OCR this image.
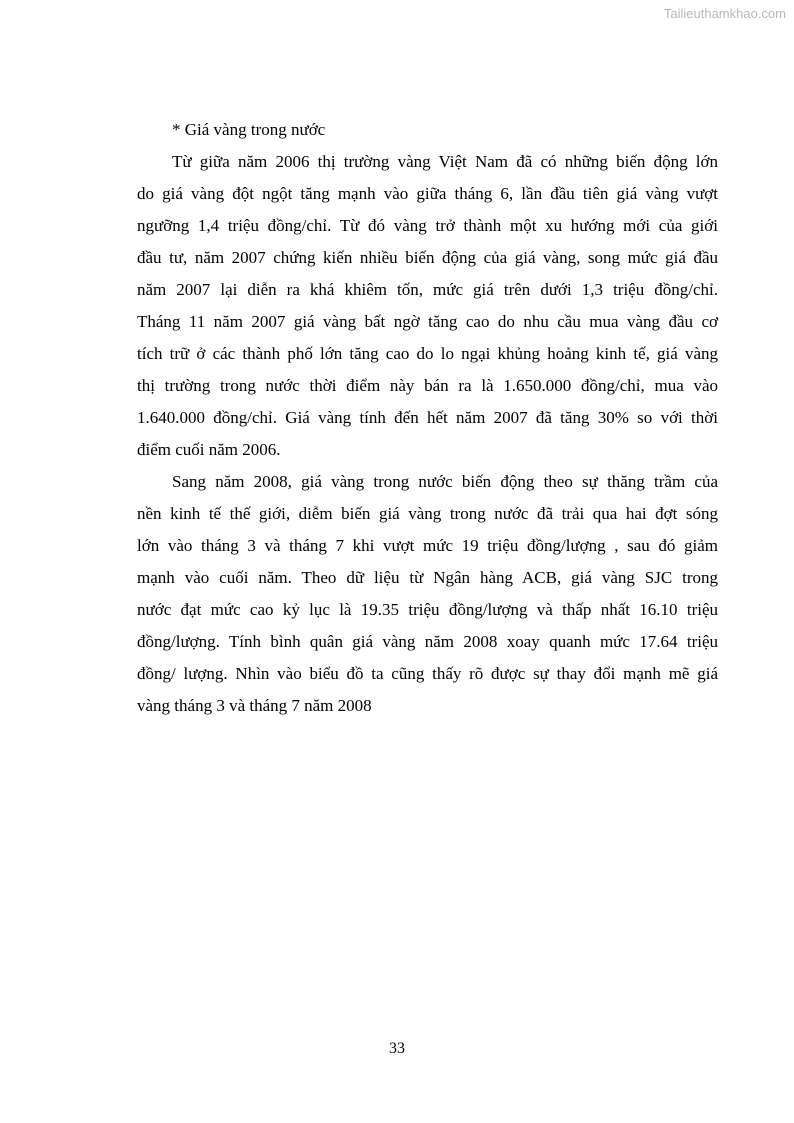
Tailieuthamkhao.com
* Giá vàng trong nước
Từ giữa năm 2006 thị trường vàng Việt Nam đã có những biến động lớn
do giá vàng đột ngột tăng mạnh vào giữa tháng 6, lần đầu tiên giá vàng vượt
ngưỡng 1,4 triệu đồng/chỉ. Từ đó vàng trở thành một xu hướng mới của giới
đầu tư, năm 2007 chứng kiến nhiều biến động của giá vàng, song mức giá đầu
năm 2007 lại diễn ra khá khiêm tốn, mức giá trên dưới 1,3 triệu đồng/chỉ.
Tháng 11 năm 2007 giá vàng bất ngờ tăng cao do nhu cầu mua vàng đầu cơ
tích trữ ở các thành phố lớn tăng cao do lo ngại khủng hoảng kinh tế, giá vàng
thị trường trong nước thời điểm này bán ra là 1.650.000 đồng/chỉ, mua vào
1.640.000 đồng/chỉ. Giá vàng tính đến hết năm 2007 đã tăng 30% so với thời
điểm cuối năm 2006.
Sang năm 2008, giá vàng trong nước biến động theo sự thăng trầm của
nền kinh tế thế giới, diễm biến giá vàng trong nước đã trải qua hai đợt sóng
lớn vào tháng 3 và tháng 7 khi vượt mức 19 triệu đồng/lượng , sau đó giảm
mạnh vào cuối năm. Theo dữ liệu từ Ngân hàng ACB, giá vàng SJC trong
nước đạt mức cao kỷ lục là 19.35 triệu đồng/lượng và thấp nhất 16.10 triệu
đồng/lượng. Tính bình quân giá vàng năm 2008 xoay quanh mức 17.64 triệu
đồng/ lượng. Nhìn vào biểu đồ ta cũng thấy rõ được sự thay đổi mạnh mẽ giá
vàng tháng 3 và tháng 7 năm 2008
33
